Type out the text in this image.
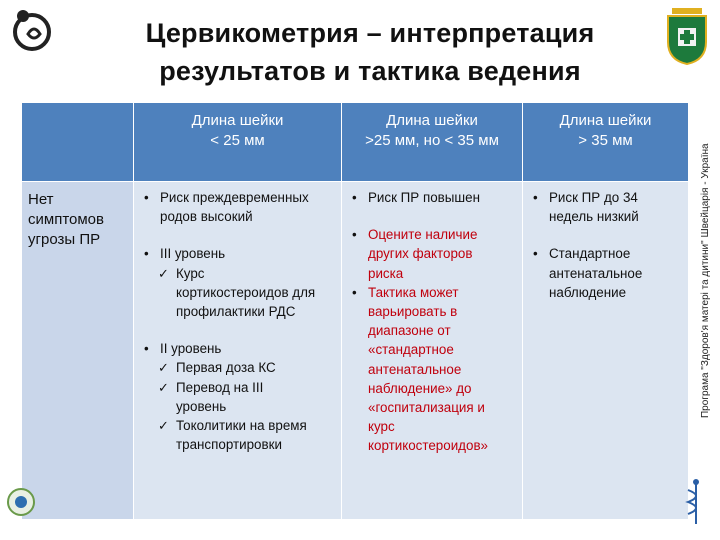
Цервикометрия – интерпретация
результатов и тактика ведения
Програма "Здоров'я матері та дитини" Швейцарія - Україна
Длина шейки
< 25 мм
Длина шейки
>25 мм, но < 35 мм
Длина шейки
> 35 мм
Нет
симптомов
угрозы ПР
• Риск преждевременных
родов высокий
• III уровень
✓ Курс
кортикостероидов для
профилактики РДС
• II уровень
✓ Первая доза КС
✓ Перевод на III
уровень
✓ Токолитики на время
транспортировки
• Риск ПР повышен
• Оцените наличие
других факторов
риска
• Тактика может
варьировать в
диапазоне от
«стандартное
антенатальное
наблюдение» до
«госпитализация и
курс
кортикостероидов»
• Риск ПР до 34
недель низкий
• Стандартное
антенатальное
наблюдение
